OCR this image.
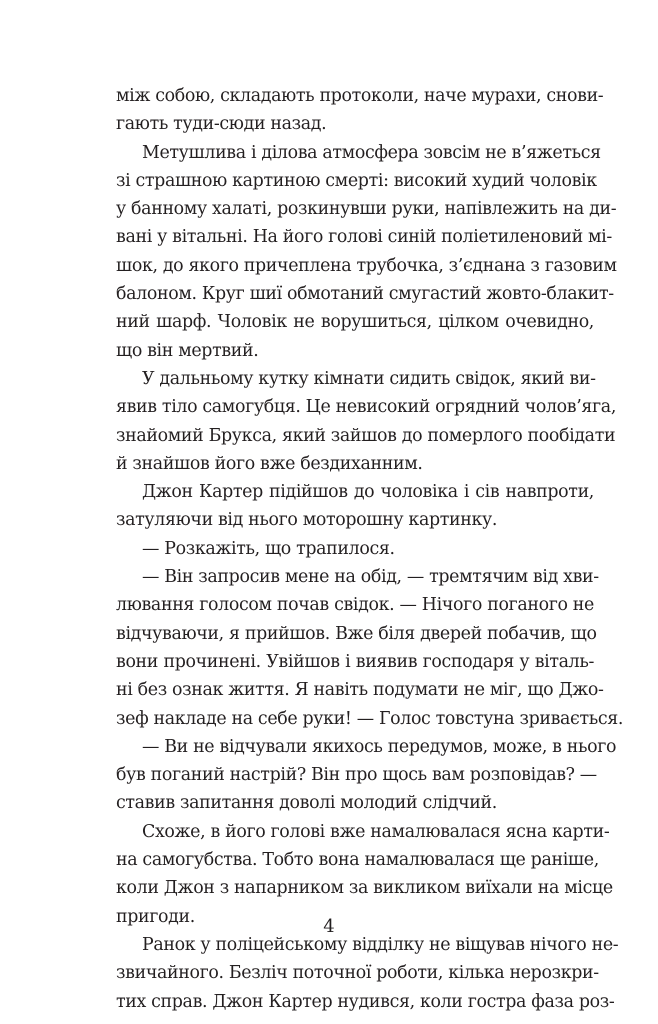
між собою, складають протоколи, наче мурахи, снови-
гають туди-сюди назад.
Метушлива і ділова атмосфера зовсім не в’яжеться
зі страшною картиною смерті: високий худий чоловік
у банному халаті, розкинувши руки, напівлежить на ди-
вані у вітальні. На його голові синій поліетиленовий мі-
шок, до якого причеплена трубочка, з’єднана з газовим
балоном. Круг шиї обмотаний смугастий жовто-блакит-
ний шарф. Чоловік не ворушиться, цілком очевидно,
що він мертвий.
У дальньому кутку кімнати сидить свідок, який ви-
явив тіло самогубця. Це невисокий огрядний чолов’яга,
знайомий Брукса, який зайшов до померлого пообідати
й знайшов його вже бездиханним.
Джон Картер підійшов до чоловіка і сів навпроти,
затуляючи від нього моторошну картинку.
— Розкажіть, що трапилося.
— Він запросив мене на обід, — тремтячим від хви-
лювання голосом почав свідок. — Нічого поганого не
відчуваючи, я прийшов. Вже біля дверей побачив, що
вони прочинені. Увійшов і виявив господаря у віталь-
ні без ознак життя. Я навіть подумати не міг, що Джо-
зеф накладе на себе руки! — Голос товстуна зривається.
— Ви не відчували якихось передумов, може, в нього
був поганий настрій? Він про щось вам розповідав? —
ставив запитання доволі молодий слідчий.
Схоже, в його голові вже намалювалася ясна карти-
на самогубства. Тобто вона намалювалася ще раніше,
коли Джон з напарником за викликом виїхали на місце
пригоди.
Ранок у поліцейському відділку не віщував нічого не-
звичайного. Безліч поточної роботи, кілька нерозкри-
тих справ. Джон Картер нудився, коли гостра фаза роз-
4
